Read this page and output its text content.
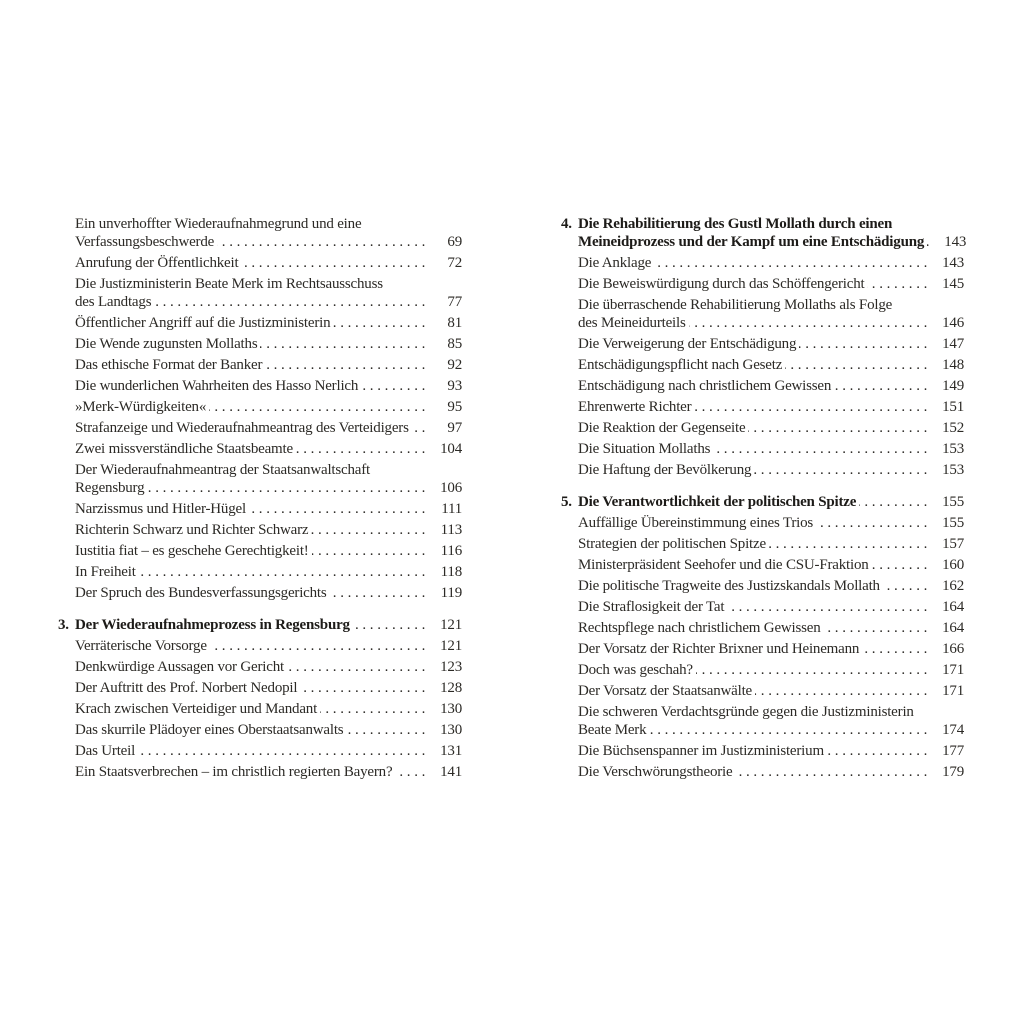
Ein unverhoffter Wiederaufnahmegrund und eine
Verfassungsbeschwerde .....	69
Anrufung der Öffentlichkeit .....	72
Die Justizministerin Beate Merk im Rechtsausschuss
des Landtags .....	77
Öffentlicher Angriff auf die Justizministerin .....	81
Die Wende zugunsten Mollaths .....	85
Das ethische Format der Banker .....	92
Die wunderlichen Wahrheiten des Hasso Nerlich .....	93
»Merk-Würdigkeiten« .....	95
Strafanzeige und Wiederaufnahmeantrag des Verteidigers .....	97
Zwei missverständliche Staatsbeamte .....	104
Der Wiederaufnahmeantrag der Staatsanwaltschaft
Regensburg .....	106
Narzissmus und Hitler-Hügel .....	111
Richterin Schwarz und Richter Schwarz .....	113
Iustitia fiat – es geschehe Gerechtigkeit! .....	116
In Freiheit .....	118
Der Spruch des Bundesverfassungsgerichts .....	119
3. Der Wiederaufnahmeprozess in Regensburg .....	121
Verräterische Vorsorge .....	121
Denkwürdige Aussagen vor Gericht .....	123
Der Auftritt des Prof. Norbert Nedopil .....	128
Krach zwischen Verteidiger und Mandant .....	130
Das skurrile Plädoyer eines Oberstaatsanwalts .....	130
Das Urteil .....	131
Ein Staatsverbrechen – im christlich regierten Bayern? .....	141
4. Die Rehabilitierung des Gustl Mollath durch einen
Meineidprozess und der Kampf um eine Entschädigung .....	143
Die Anklage .....	143
Die Beweiswürdigung durch das Schöffengericht .....	145
Die überraschende Rehabilitierung Mollaths als Folge
des Meineidurteils .....	146
Die Verweigerung der Entschädigung .....	147
Entschädigungspflicht nach Gesetz .....	148
Entschädigung nach christlichem Gewissen .....	149
Ehrenwerte Richter .....	151
Die Reaktion der Gegenseite .....	152
Die Situation Mollaths .....	153
Die Haftung der Bevölkerung .....	153
5. Die Verantwortlichkeit der politischen Spitze .....	155
Auffällige Übereinstimmung eines Trios .....	155
Strategien der politischen Spitze .....	157
Ministerpräsident Seehofer und die CSU-Fraktion .....	160
Die politische Tragweite des Justizskandals Mollath .....	162
Die Straflosigkeit der Tat .....	164
Rechtspflege nach christlichem Gewissen .....	164
Der Vorsatz der Richter Brixner und Heinemann .....	166
Doch was geschah? .....	171
Der Vorsatz der Staatsanwälte .....	171
Die schweren Verdachtsgründe gegen die Justizministerin
Beate Merk .....	174
Die Büchsenspanner im Justizministerium .....	177
Die Verschwörungstheorie .....	179
